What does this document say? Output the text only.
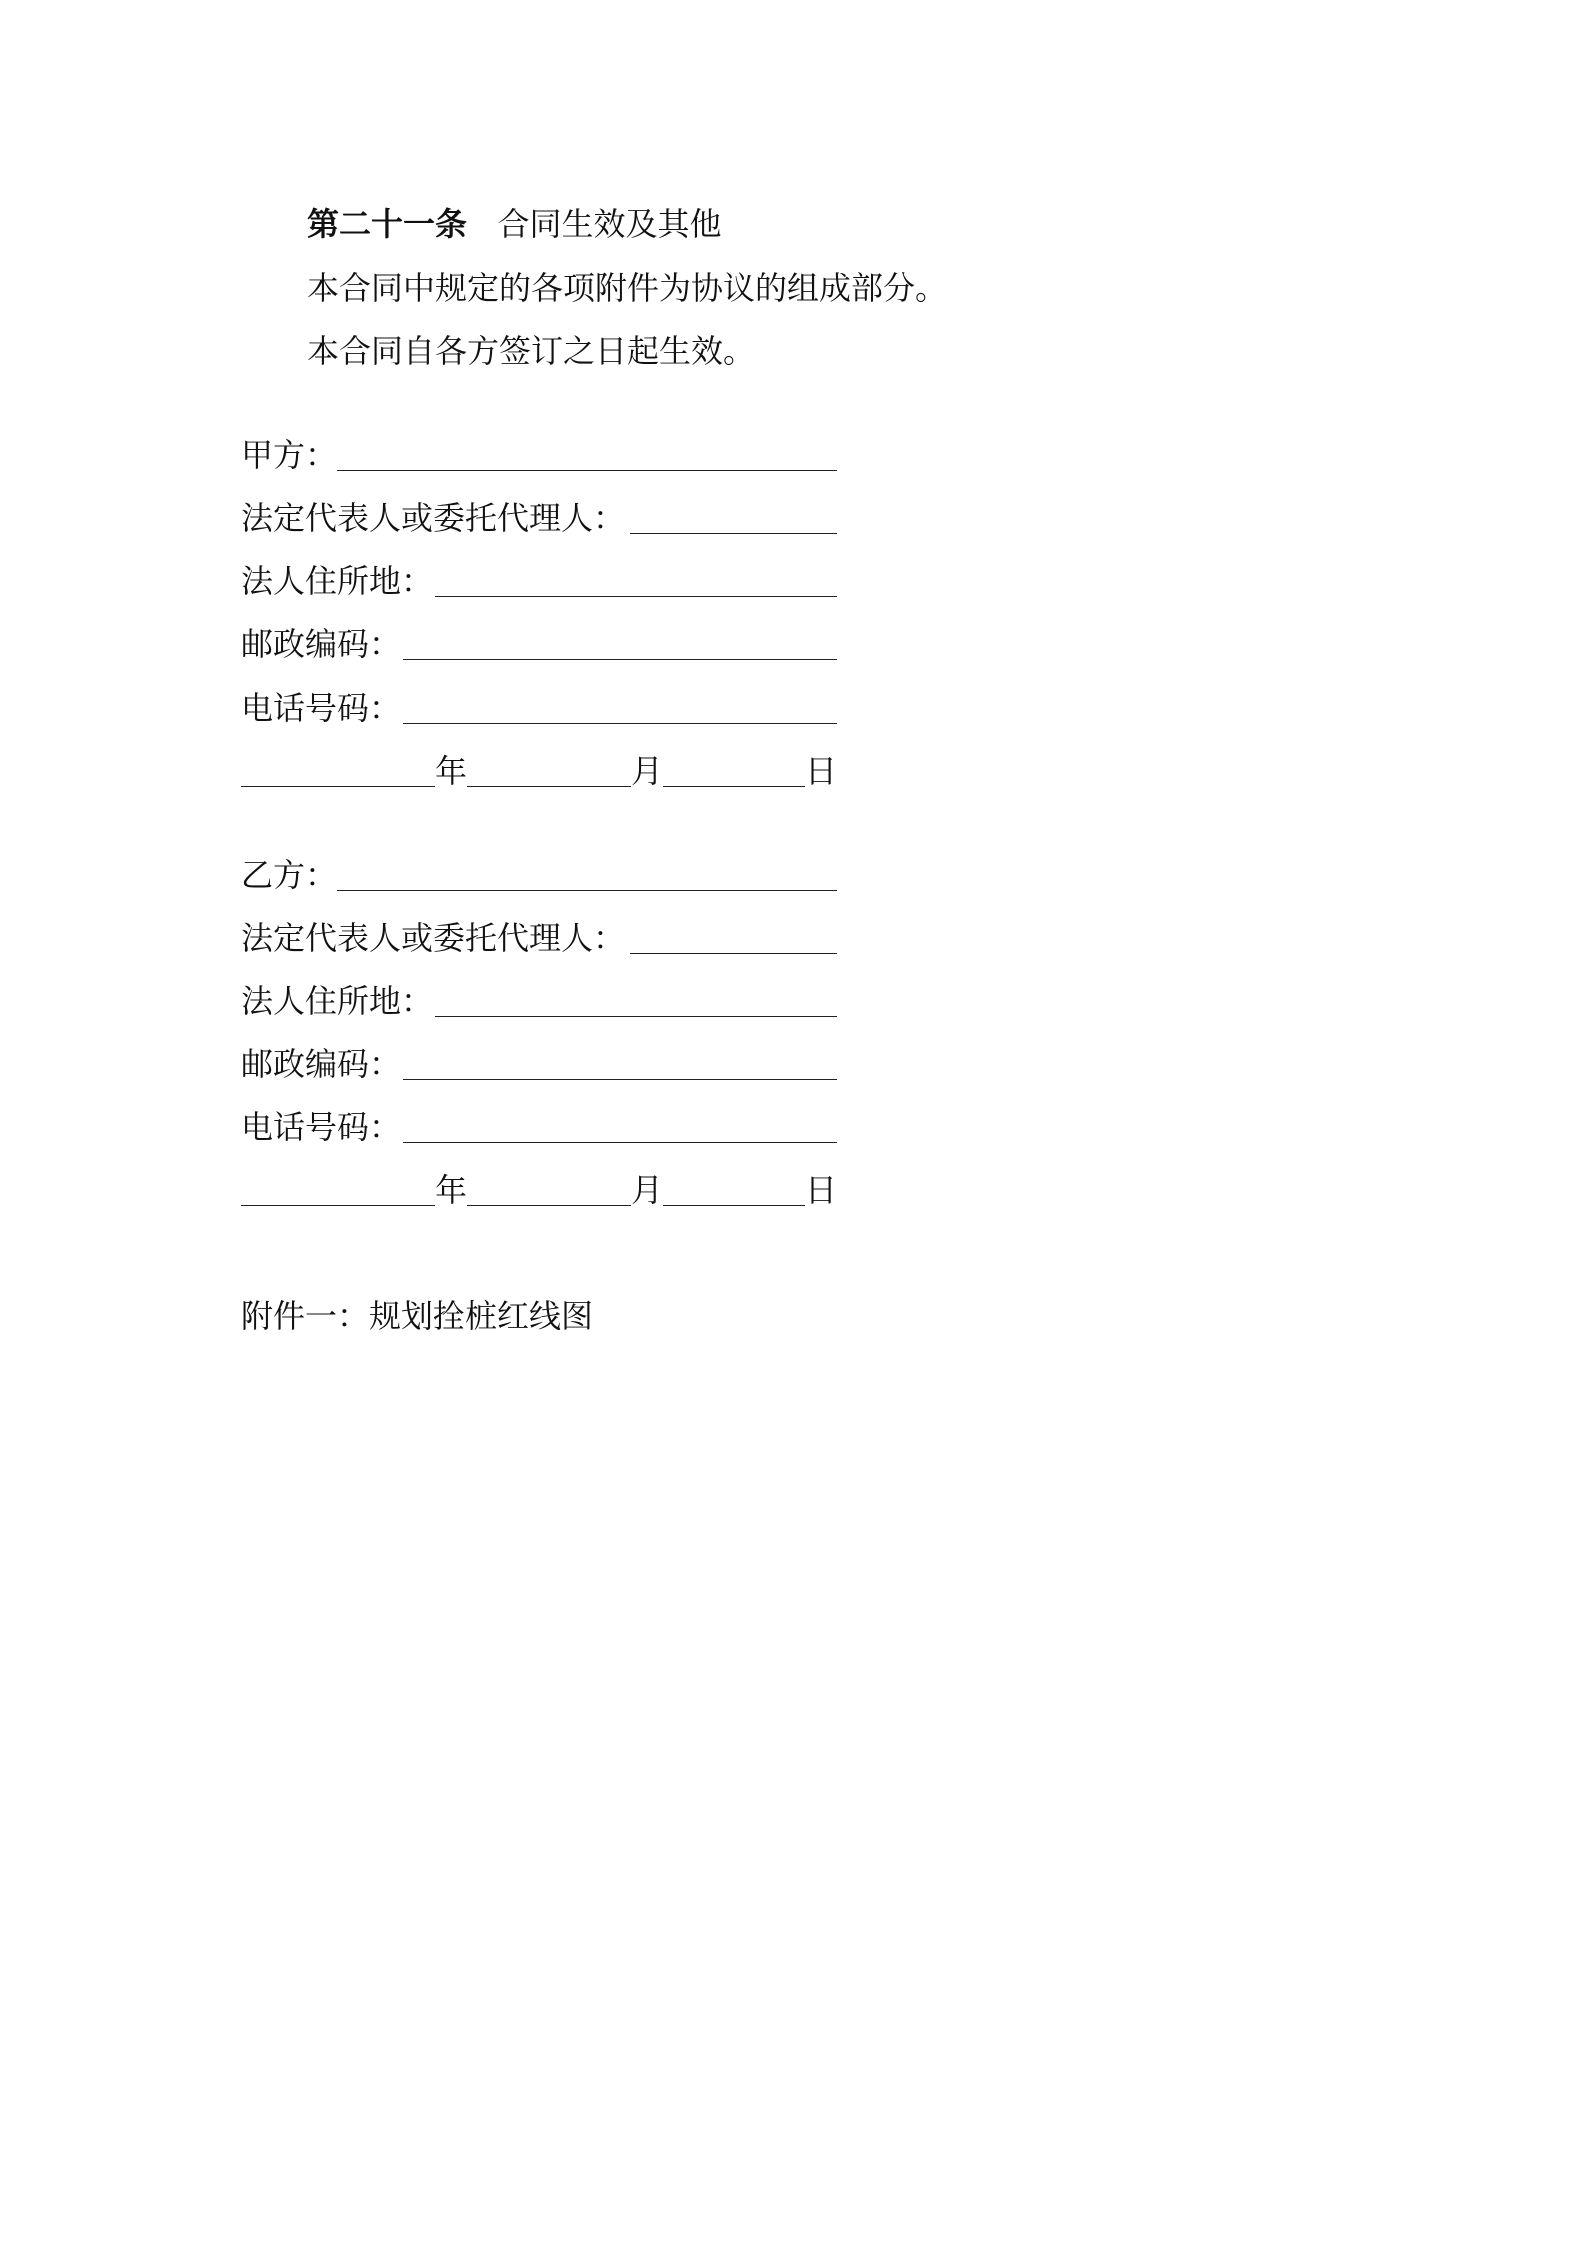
第二十一条 合同生效及其他
本合同中规定的各项附件为协议的组成部分。
本合同自各方签订之日起生效。
甲方：
法定代表人或委托代理人：
法人住所地：
邮政编码：
电话号码：
年	月	日
乙方：
法定代表人或委托代理人：
法人住所地：
邮政编码：
电话号码：
年	月	日
附件一：规划拴桩红线图
